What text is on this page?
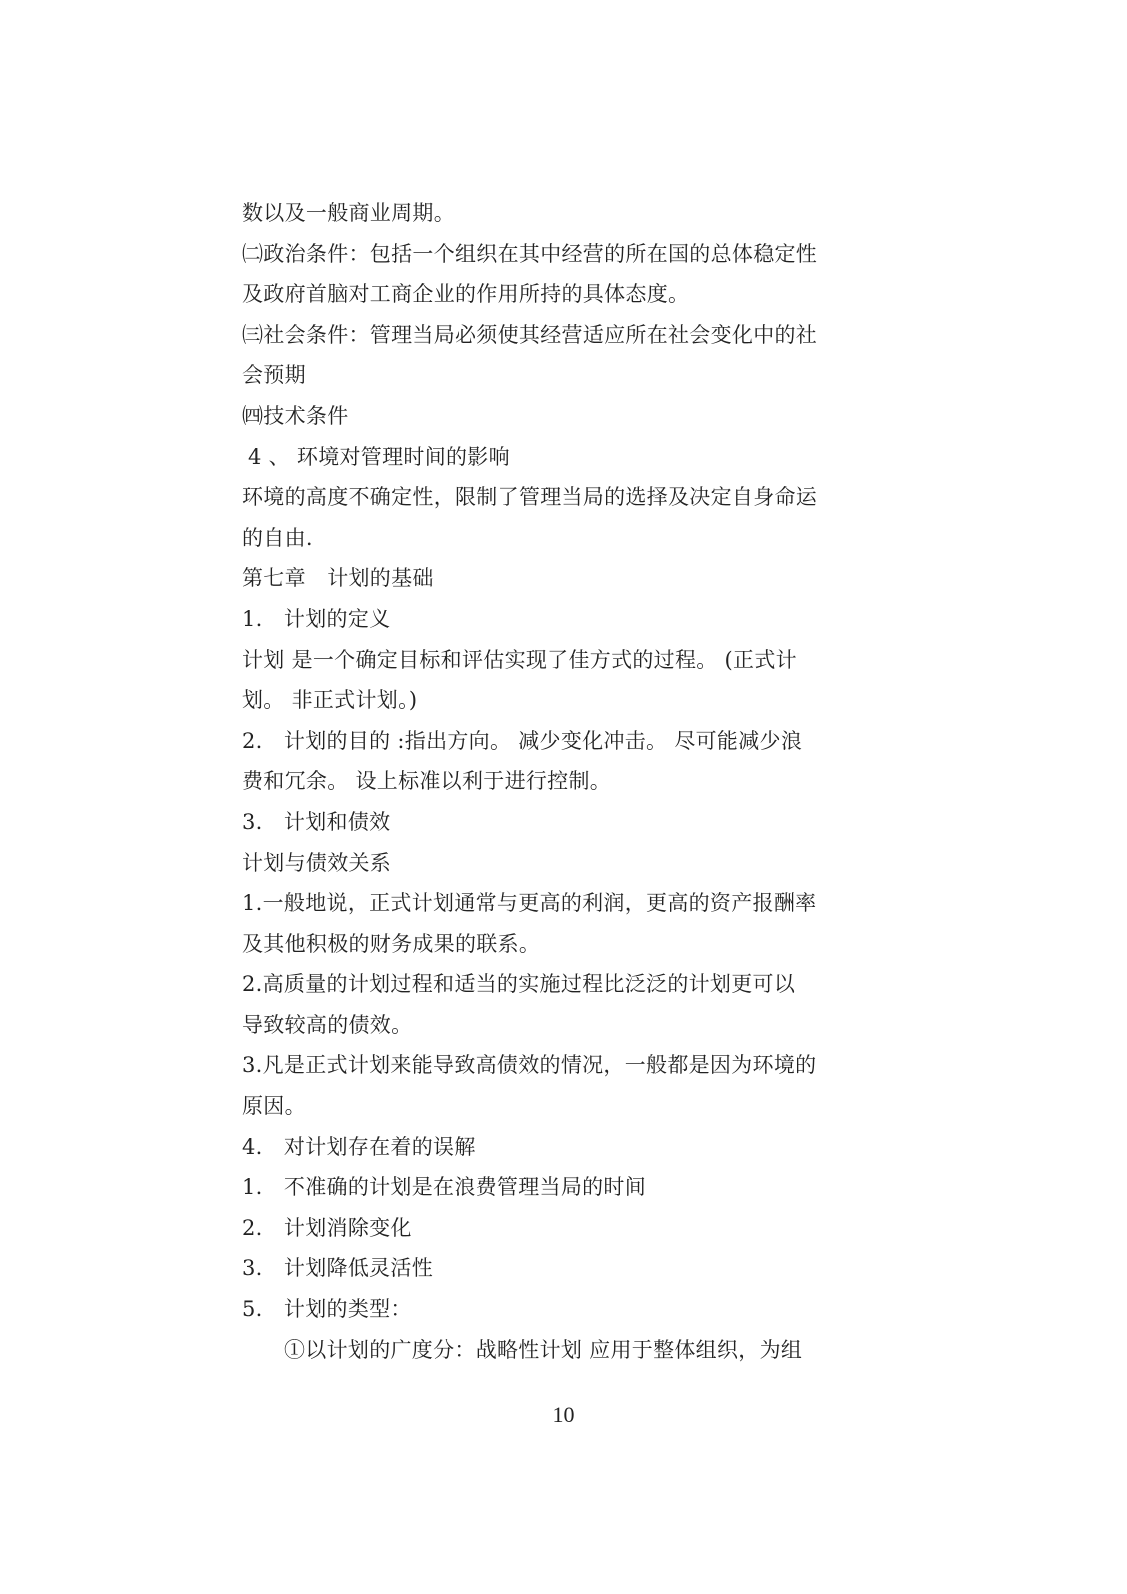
数以及一般商业周期。
㈡政治条件：包括一个组织在其中经营的所在国的总体稳定性
及政府首脑对工商企业的作用所持的具体态度。
㈢社会条件：管理当局必须使其经营适应所在社会变化中的社
会预期
㈣技术条件
4 、 环境对管理时间的影响
环境的高度不确定性，限制了管理当局的选择及决定自身命运
的自由.
第七章　计划的基础
1.　计划的定义
计划 是一个确定目标和评估实现了佳方式的过程。 (正式计
划。 非正式计划。)
2.　计划的目的 :指出方向。 减少变化冲击。 尽可能减少浪
费和冗余。 设上标准以利于进行控制。
3.　计划和债效
计划与债效关系
1.一般地说，正式计划通常与更高的利润，更高的资产报酬率
及其他积极的财务成果的联系。
2.高质量的计划过程和适当的实施过程比泛泛的计划更可以
导致较高的债效。
3.凡是正式计划来能导致高债效的情况，一般都是因为环境的
原因。
4.　对计划存在着的误解
1.　不准确的计划是在浪费管理当局的时间
2.　计划消除变化
3.　计划降低灵活性
5.　计划的类型：
①以计划的广度分：战略性计划 应用于整体组织，为组
10
